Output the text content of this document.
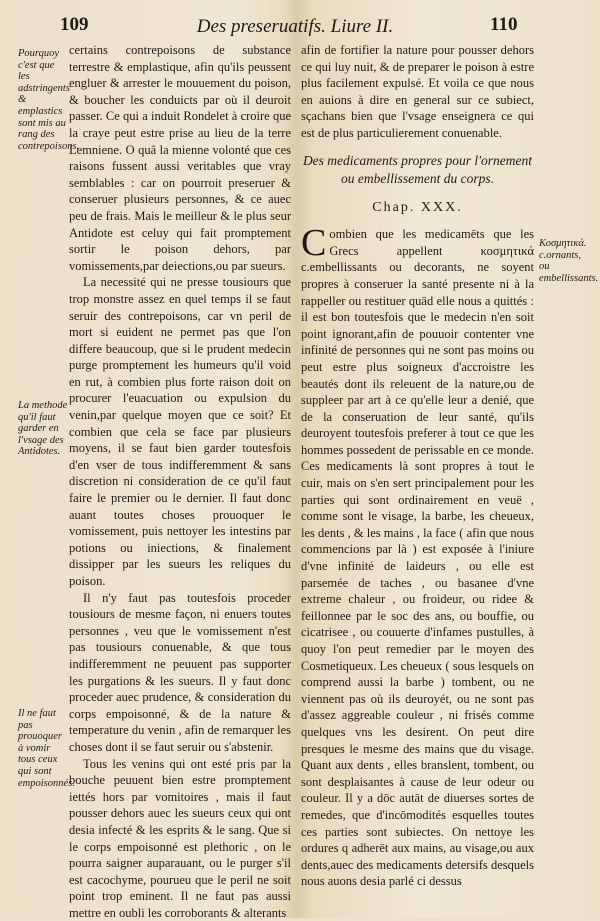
109	Des preseruatifs. Liure II.	110
Pourquoy c'est que les adstringents & emplastics sont mis au rang des contrepoisons.
La methode qu'il faut garder en l'vsage des Antidotes.
Il ne faut pas prouoquer à vomir tous ceux qui sont empoisonnés.

certains contrepoisons de substance terrestre & emplastique, afin qu'ils peussent engluer & arrester le mouuement du poison, & boucher les conduicts par où il deuroit passer. Ce qui a induit Rondelet à croire que la craye peut estre prise au lieu de la terre Lemniene. O quâ la mienne volonté que ces raisons fussent aussi veritables que vray semblables : car on pourroit preseruer & conseruer plusieurs personnes, & ce auec peu de frais. Mais le meilleur & le plus seur Antidote est celuy qui fait promptement sortir le poison dehors, par vomissements,par deiections,ou par sueurs.

La necessité qui ne presse tousiours que trop monstre assez en quel temps il se faut seruir des contrepoisons, car vn peril de mort si euident ne permet pas que l'on differe beaucoup, que si le prudent medecin purge promptement les humeurs qu'il void en rut, à combien plus forte raison doit on procurer l'euacuation ou expulsion du venin,par quelque moyen que ce soit? Et combien que cela se face par plusieurs moyens, il se faut bien garder toutesfois d'en vser de tous indifferemment & sans discretion ni consideration de ce qu'il faut faire le premier ou le dernier. Il faut donc auant toutes choses prouoquer le vomissement, puis nettoyer les intestins par potions ou iniections, & finalement dissipper par les sueurs les reliques du poison.

Il n'y faut pas toutesfois proceder tousiours de mesme façon, ni enuers toutes personnes , veu que le vomissement n'est pas tousiours conuenable, & que tous indifferemment ne peuuent pas supporter les purgations & les sueurs. Il y faut donc proceder auec prudence, & consideration du corps empoisonné, & de la nature & temperature du venin , afin de remarquer les choses dont il se faut seruir ou s'abstenir.

Tous les venins qui ont esté pris par la bouche peuuent bien estre promptement iettés hors par vomitoires , mais il faut pousser dehors auec les sueurs ceux qui ont desia infecté & les esprits & le sang. Que si le corps empoisonné est plethoric , on le pourra saigner auparauant, ou le purger s'il est cacochyme, pourueu que le peril ne soit point trop eminent. Il ne faut pas aussi mettre en oubli les corroborants & alterants

afin de fortifier la nature pour pousser dehors ce qui luy nuit, & de preparer le poison à estre plus facilement expulsé. Et voila ce que nous en auions à dire en general sur ce subiect, sçachans bien que l'vsage enseignera ce qui est de plus particulierement conuenable.

Des medicaments propres pour l'ornement ou embellissement du corps.

Chap. XXX.

Combien que les medicamēts que les Grecs appellent κοσμητικά c.embellissants ou decorants, ne soyent propres à conseruer la santé presente ni à la rappeller ou restituer quād elle nous a quittés : il est bon toutesfois que le medecin n'en soit point ignorant,afin de pouuoir contenter vne infinité de personnes qui ne sont pas moins ou peut estre plus soigneux d'accroistre les beautés dont ils releuent de la nature,ou de suppleer par art à ce qu'elle leur a denié, que de la conseruation de leur santé, qu'ils deuroyent toutesfois preferer à tout ce que les hommes possedent de perissable en ce monde. Ces medicaments là sont propres à tout le cuir, mais on s'en sert principalement pour les parties qui sont ordinairement en veuë , comme sont le visage, la barbe, les cheueux, les dents , & les mains , la face ( afin que nous commencions par là ) est exposée à l'iniure d'vne infinité de laideurs , ou elle est parsemée de taches , ou basanee d'vne extreme chaleur , ou froideur, ou ridee & feillonnee par le soc des ans, ou bouffie, ou cicatrisee , ou couuerte d'infames pustulles, à quoy l'on peut remedier par le moyen des Cosmetiqueux. Les cheueux ( sous lesquels on comprend aussi la barbe ) tombent, ou ne viennent pas où ils deuroyét, ou ne sont pas d'assez aggreable couleur , ni frisés comme quelques vns les desirent. On peut dire presques le mesme des mains que du visage. Quant aux dents , elles branslent, tombent, ou sont desplaisantes à cause de leur odeur ou couleur. Il y a dōc autāt de diuerses sortes de remedes, que d'incōmodités esquelles toutes ces parties sont subiectes. On nettoye les ordures q adherēt aux mains, au visage,ou aux dents,auec des medicaments detersifs desquels nous auons desia parlé ci dessus

Κοσμητικά. c.ornants, ou embellissants.
